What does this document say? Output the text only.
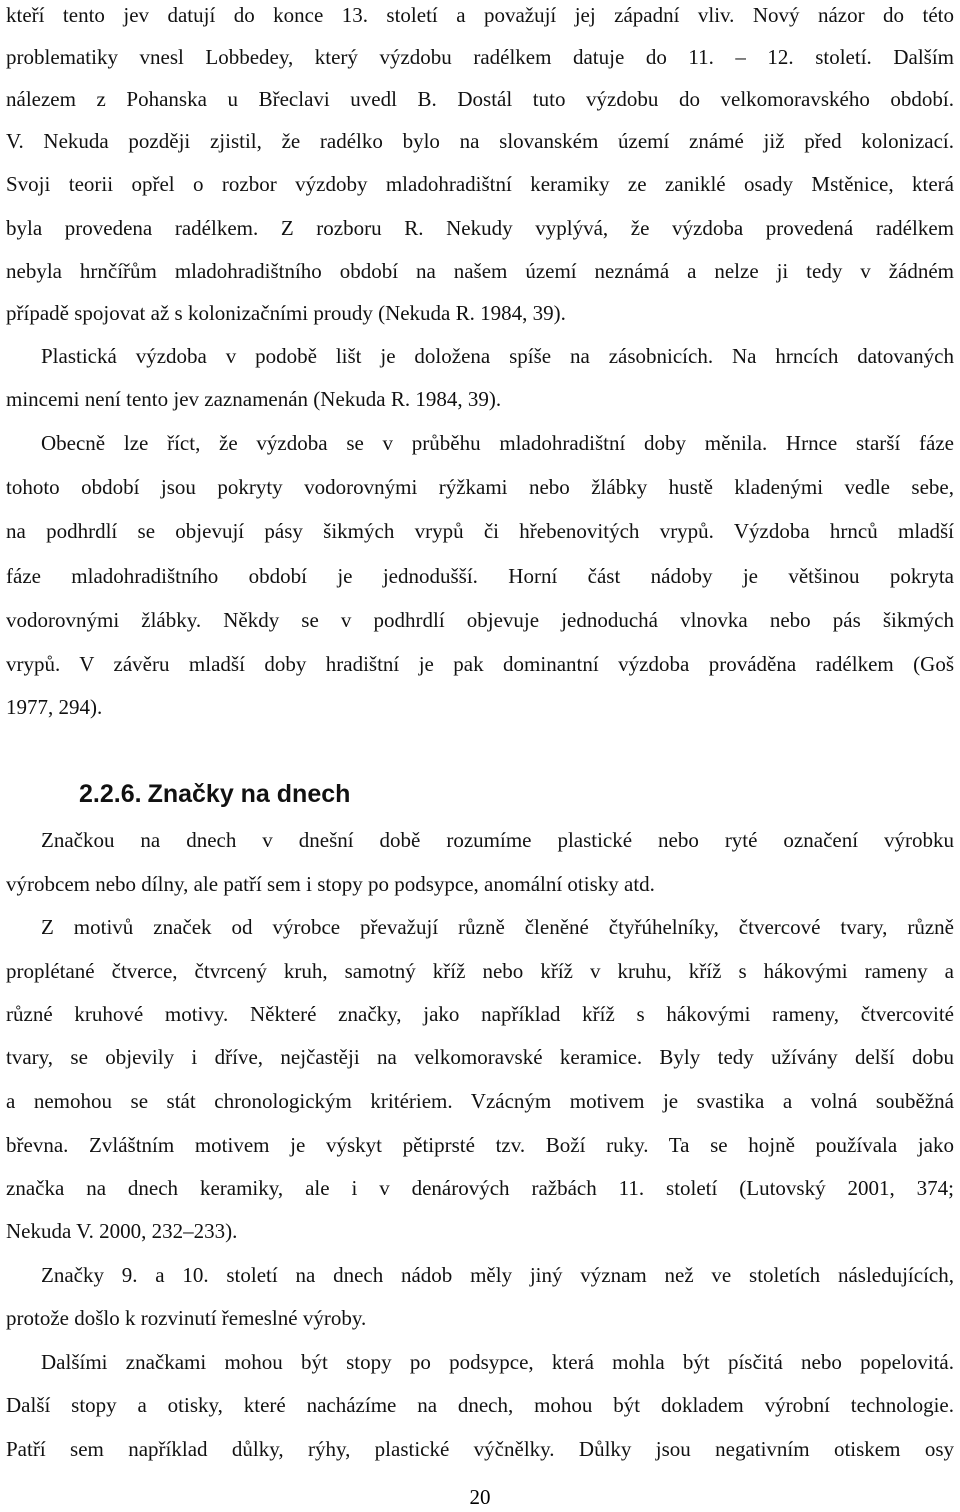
kteří tento jev datují do konce 13. století a považují jej západní vliv. Nový názor do této
problematiky vnesl Lobbedey, který výzdobu radélkem datuje do 11. – 12. století. Dalším
nálezem z Pohanska u Břeclavi uvedl B. Dostál tuto výzdobu do velkomoravského období.
V. Nekuda později zjistil, že radélko bylo na slovanském území známé již před kolonizací.
Svoji teorii opřel o rozbor výzdoby mladohradištní keramiky ze zaniklé osady Mstěnice, která
byla provedena radélkem. Z rozboru R. Nekudy vyplývá, že výzdoba provedená radélkem
nebyla hrnčířům mladohradištního období na našem území neznámá a nelze ji tedy v žádném
případě spojovat až s kolonizačními proudy (Nekuda R. 1984, 39).
Plastická výzdoba v podobě lišt je doložena spíše na zásobnicích. Na hrncích datovaných
mincemi není tento jev zaznamenán (Nekuda R. 1984, 39).
Obecně lze říct, že výzdoba se v průběhu mladohradištní doby měnila. Hrnce starší fáze
tohoto období jsou pokryty vodorovnými rýžkami nebo žlábky hustě kladenými vedle sebe,
na podhrdlí se objevují pásy šikmých vrypů či hřebenovitých vrypů. Výzdoba hrnců mladší
fáze mladohradištního období je jednodušší. Horní část nádoby je většinou pokryta
vodorovnými žlábky. Někdy se v podhrdlí objevuje jednoduchá vlnovka nebo pás šikmých
vrypů. V závěru mladší doby hradištní je pak dominantní výzdoba prováděna radélkem (Goš
1977, 294).
2.2.6. Značky na dnech
Značkou na dnech v dnešní době rozumíme plastické nebo ryté označení výrobku
výrobcem nebo dílny, ale patří sem i stopy po podsypce, anomální otisky atd.
Z motivů značek od výrobce převažují různě členěné čtyřúhelníky, čtvercové tvary, různě
proplétané čtverce, čtvrcený kruh, samotný kříž nebo kříž v kruhu, kříž s hákovými rameny a
různé kruhové motivy. Některé značky, jako například kříž s hákovými rameny, čtvercovité
tvary, se objevily i dříve, nejčastěji na velkomoravské keramice. Byly tedy užívány delší dobu
a nemohou se stát chronologickým kritériem. Vzácným motivem je svastika a volná souběžná
břevna. Zvláštním motivem je výskyt pětiprsté tzv. Boží ruky. Ta se hojně používala jako
značka na dnech keramiky, ale i v denárových ražbách 11. století (Lutovský 2001, 374;
Nekuda V. 2000, 232–233).
Značky 9. a 10. století na dnech nádob měly jiný význam než ve stoletích následujících,
protože došlo k rozvinutí řemeslné výroby.
Dalšími značkami mohou být stopy po podsypce, která mohla být písčitá nebo popelovitá.
Další stopy a otisky, které nacházíme na dnech, mohou být dokladem výrobní technologie.
Patří sem například důlky, rýhy, plastické výčnělky. Důlky jsou negativním otiskem osy
20
